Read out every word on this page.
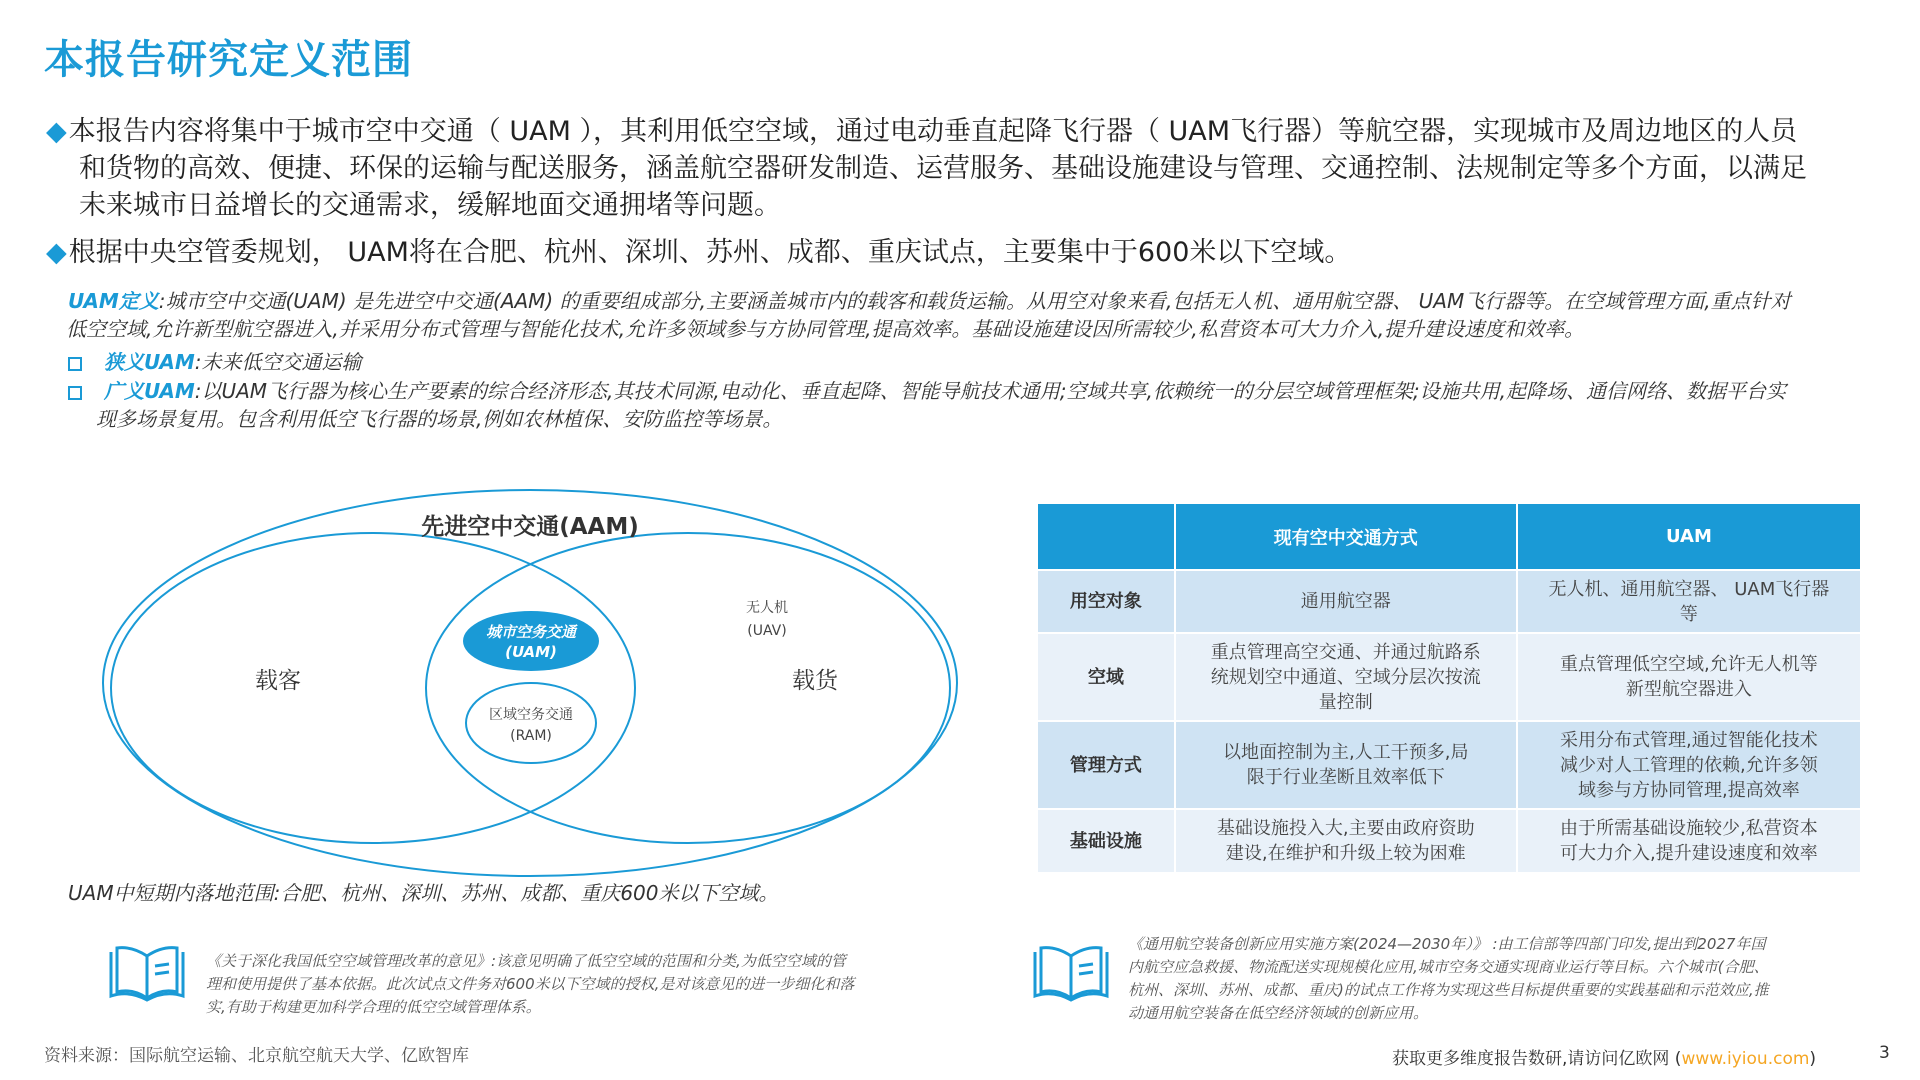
本报告研究定义范围
◆本报告内容将集中于城市空中交通（ UAM ），其利用低空空域，通过电动垂直起降飞行器（ UAM飞行器）等航空器，实现城市及周边地区的人员
和货物的高效、便捷、环保的运输与配送服务，涵盖航空器研发制造、运营服务、基础设施建设与管理、交通控制、法规制定等多个方面，以满足
未来城市日益增长的交通需求，缓解地面交通拥堵等问题。
◆根据中央空管委规划， UAM将在合肥、杭州、深圳、苏州、成都、重庆试点，主要集中于600米以下空域。
UAM定义:城市空中交通(UAM) 是先进空中交通(AAM) 的重要组成部分,主要涵盖城市内的载客和载货运输。从用空对象来看,包括无人机、通用航空器、 UAM飞行器等。在空域管理方面,重点针对
低空空域,允许新型航空器进入,并采用分布式管理与智能化技术,允许多领域参与方协同管理,提高效率。基础设施建设因所需较少,私营资本可大力介入,提升建设速度和效率。
狭义UAM:未来低空交通运输
广义UAM:以UAM飞行器为核心生产要素的综合经济形态,其技术同源,电动化、垂直起降、智能导航技术通用;空域共享,依赖统一的分层空域管理框架;设施共用,起降场、通信网络、数据平台实
现多场景复用。包含利用低空飞行器的场景,例如农林植保、安防监控等场景。
先进空中交通(AAM)
载客	载货
无人机
(UAV)
城市空务交通
(UAM)
区域空务交通
(RAM)
UAM中短期内落地范围:合肥、杭州、深圳、苏州、成都、重庆600米以下空域。
	现有空中交通方式	UAM
用空对象	通用航空器	无人机、通用航空器、 UAM飞行器
等
空域	重点管理高空交通、并通过航路系
统规划空中通道、空域分层次按流
量控制	重点管理低空空域,允许无人机等
新型航空器进入
管理方式	以地面控制为主,人工干预多,局
限于行业垄断且效率低下	采用分布式管理,通过智能化技术
减少对人工管理的依赖,允许多领
域参与方协同管理,提高效率
基础设施	基础设施投入大,主要由政府资助
建设,在维护和升级上较为困难	由于所需基础设施较少,私营资本
可大力介入,提升建设速度和效率
《关于深化我国低空空域管理改革的意见》:该意见明确了低空空域的范围和分类,为低空空域的管
理和使用提供了基本依据。此次试点文件务对600米以下空域的授权,是对该意见的进一步细化和落
实,有助于构建更加科学合理的低空空域管理体系。
《通用航空装备创新应用实施方案(2024—2030年）》 :由工信部等四部门印发,提出到2027年国
内航空应急救援、物流配送实现规模化应用,城市空务交通实现商业运行等目标。六个城市(合肥、
杭州、深圳、苏州、成都、重庆)的试点工作将为实现这些目标提供重要的实践基础和示范效应,推
动通用航空装备在低空经济领域的创新应用。
资料来源：国际航空运输、北京航空航天大学、亿欧智库	获取更多维度报告数研,请访问亿欧网 (www.iyiou.com)	3
